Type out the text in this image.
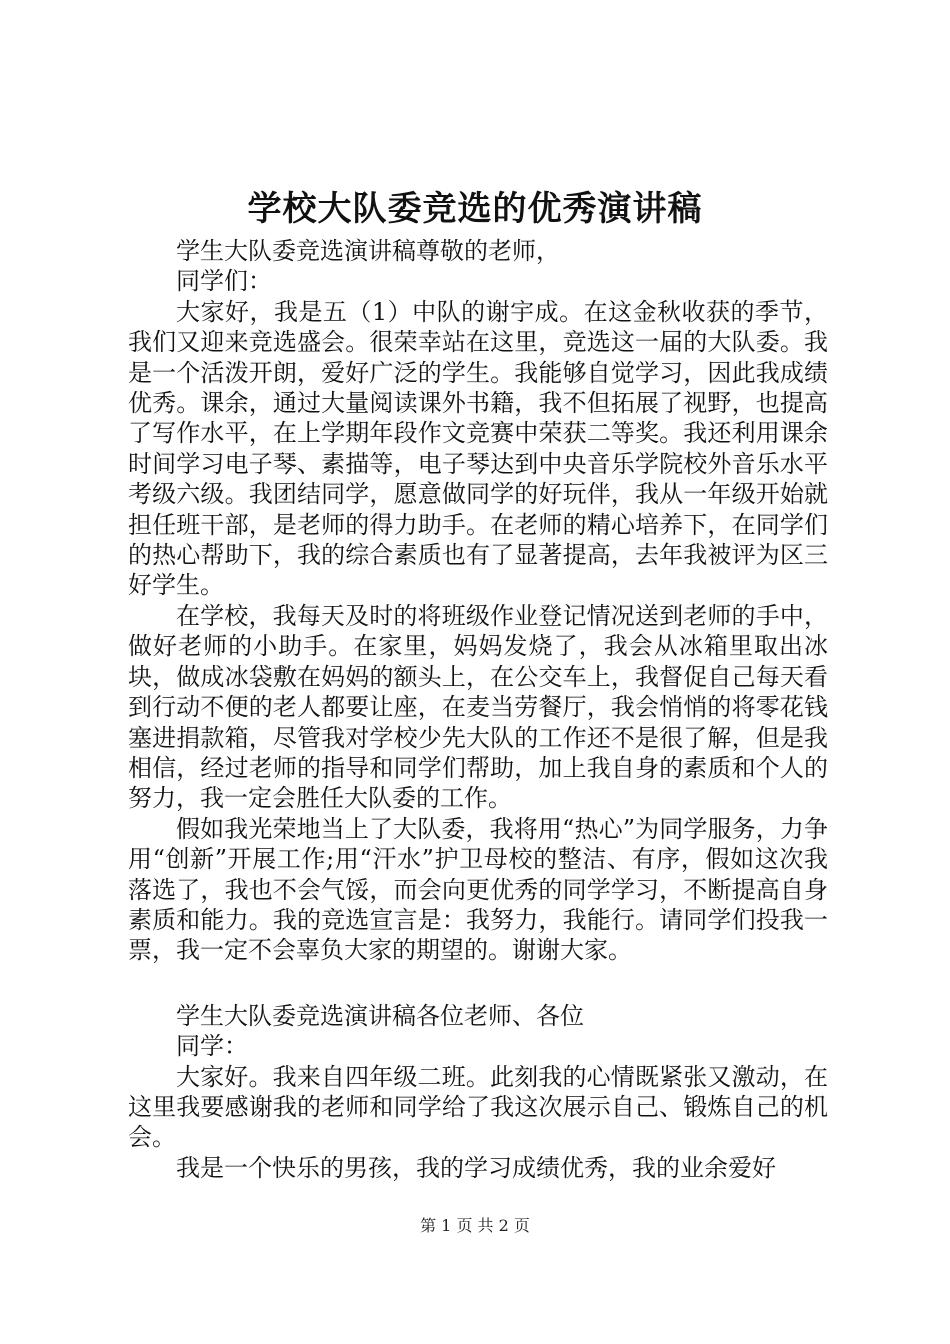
学校大队委竞选的优秀演讲稿

学生大队委竞选演讲稿尊敬的老师，

同学们：

大家好，我是五（1）中队的谢宇成。在这金秋收获的季节，我们又迎来竞选盛会。很荣幸站在这里，竞选这一届的大队委。我是一个活泼开朗，爱好广泛的学生。我能够自觉学习，因此我成绩优秀。课余，通过大量阅读课外书籍，我不但拓展了视野，也提高了写作水平，在上学期年段作文竞赛中荣获二等奖。我还利用课余时间学习电子琴、素描等，电子琴达到中央音乐学院校外音乐水平考级六级。我团结同学，愿意做同学的好玩伴，我从一年级开始就担任班干部，是老师的得力助手。在老师的精心培养下，在同学们的热心帮助下，我的综合素质也有了显著提高，去年我被评为区三好学生。

在学校，我每天及时的将班级作业登记情况送到老师的手中，做好老师的小助手。在家里，妈妈发烧了，我会从冰箱里取出冰块，做成冰袋敷在妈妈的额头上，在公交车上，我督促自己每天看到行动不便的老人都要让座，在麦当劳餐厅，我会悄悄的将零花钱塞进捐款箱，尽管我对学校少先大队的工作还不是很了解，但是我相信，经过老师的指导和同学们帮助，加上我自身的素质和个人的努力，我一定会胜任大队委的工作。

假如我光荣地当上了大队委，我将用“热心”为同学服务，力争用“创新”开展工作;用“汗水”护卫母校的整洁、有序，假如这次我落选了，我也不会气馁，而会向更优秀的同学学习，不断提高自身素质和能力。我的竞选宣言是：我努力，我能行。请同学们投我一票，我一定不会辜负大家的期望的。谢谢大家。

学生大队委竞选演讲稿各位老师、各位

同学：

大家好。我来自四年级二班。此刻我的心情既紧张又激动，在这里我要感谢我的老师和同学给了我这次展示自己、锻炼自己的机会。

我是一个快乐的男孩，我的学习成绩优秀，我的业余爱好

第 1 页 共 2 页
